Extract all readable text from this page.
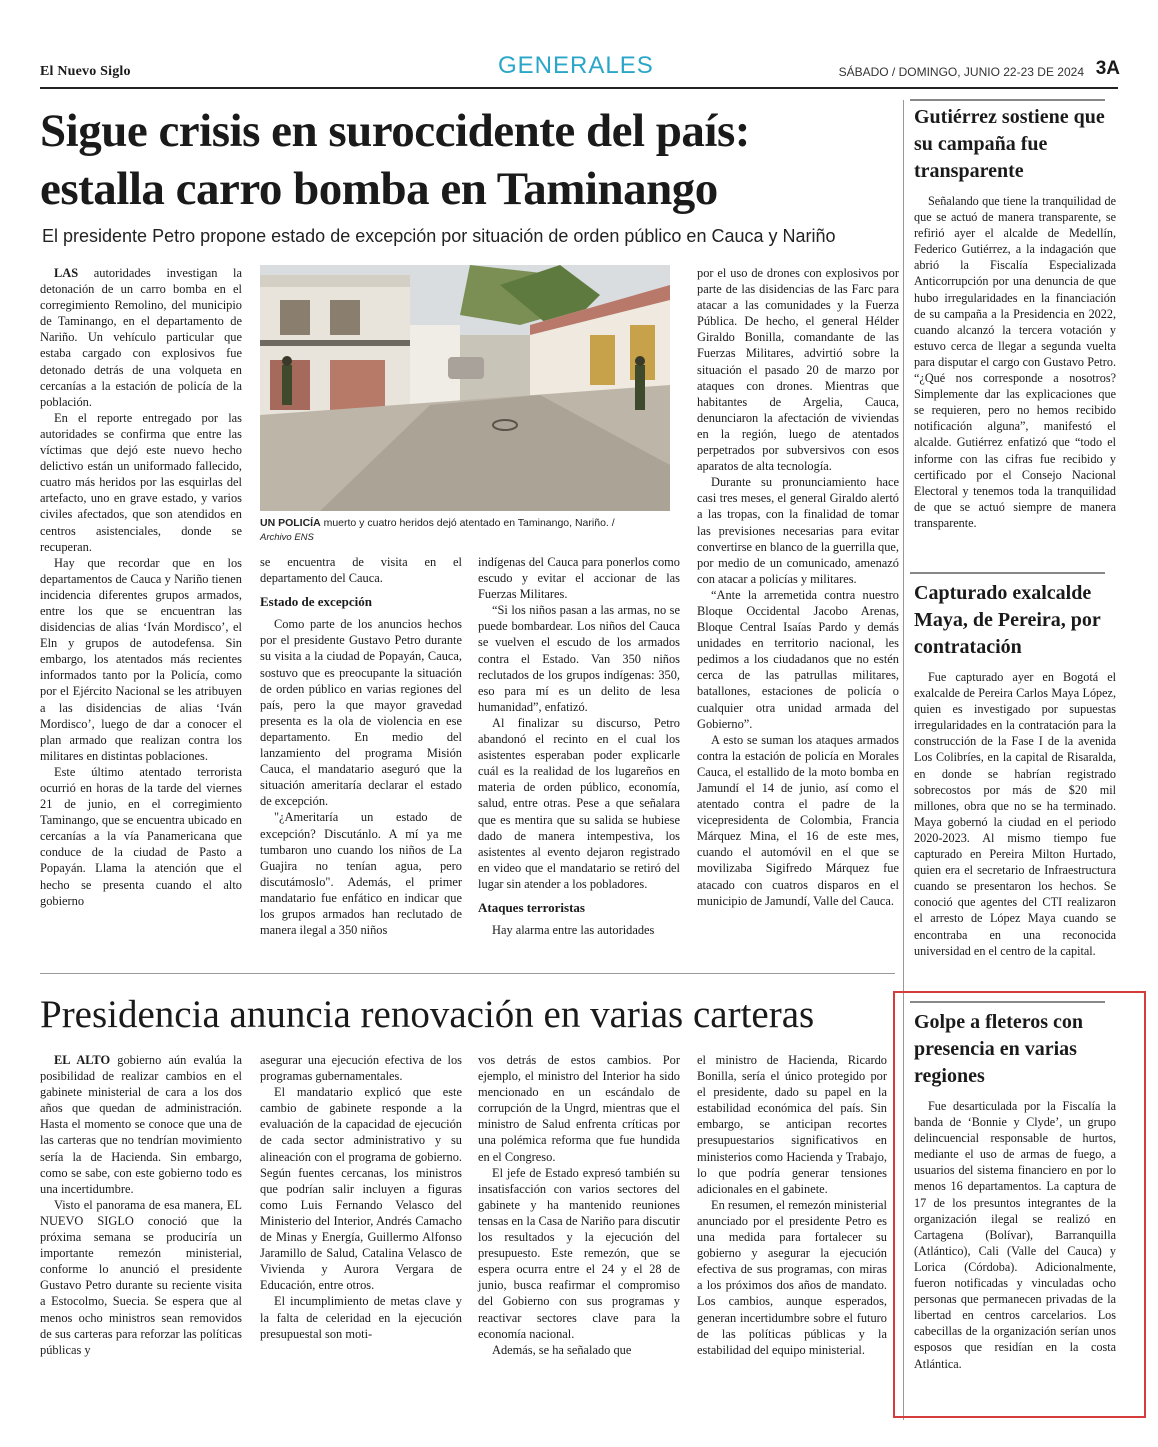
El Nuevo Siglo	GENERALES	SÁBADO / DOMINGO, JUNIO 22-23 DE 2024 3A
Sigue crisis en suroccidente del país:
estalla carro bomba en Taminango
El presidente Petro propone estado de excepción por situación de orden público en Cauca y Nariño

LAS autoridades investigan la detonación de un carro bomba en el corregimiento Remolino, del municipio de Taminango, en el departamento de Nariño. Un vehículo particular que estaba cargado con explosivos fue detonado detrás de una volqueta en cercanías a la estación de policía de la población.

En el reporte entregado por las autoridades se confirma que entre las víctimas que dejó este nuevo hecho delictivo están un uniformado fallecido, cuatro más heridos por las esquirlas del artefacto, uno en grave estado, y varios civiles afectados, que son atendidos en centros asistenciales, donde se recuperan.

Hay que recordar que en los departamentos de Cauca y Nariño tienen incidencia diferentes grupos armados, entre los que se encuentran las disidencias de alias ‘Iván Mordisco’, el Eln y grupos de autodefensa. Sin embargo, los atentados más recientes informados tanto por la Policía, como por el Ejército Nacional se les atribuyen a las disidencias de alias ‘Iván Mordisco’, luego de dar a conocer el plan armado que realizan contra los militares en distintas poblaciones.

Este último atentado terrorista ocurrió en horas de la tarde del viernes 21 de junio, en el corregimiento Taminango, que se encuentra ubicado en cercanías a la vía Panamericana que conduce de la ciudad de Pasto a Popayán. Llama la atención que el hecho se presenta cuando el alto gobierno

UN POLICÍA muerto y cuatro heridos dejó atentado en Taminango, Nariño. /
Archivo ENS

se encuentra de visita en el departamento del Cauca.

Estado de excepción

Como parte de los anuncios hechos por el presidente Gustavo Petro durante su visita a la ciudad de Popayán, Cauca, sostuvo que es preocupante la situación de orden público en varias regiones del país, pero la que mayor gravedad presenta es la ola de violencia en ese departamento. En medio del lanzamiento del programa Misión Cauca, el mandatario aseguró que la situación ameritaría declarar el estado de excepción.

"¿Ameritaría un estado de excepción? Discutánlo. A mí ya me tumbaron uno cuando los niños de La Guajira no tenían agua, pero discutámoslo". Además, el primer mandatario fue enfático en indicar que los grupos armados han reclutado de manera ilegal a 350 niños

indígenas del Cauca para ponerlos como escudo y evitar el accionar de las Fuerzas Militares.

“Si los niños pasan a las armas, no se puede bombardear. Los niños del Cauca se vuelven el escudo de los armados contra el Estado. Van 350 niños reclutados de los grupos indígenas: 350, eso para mí es un delito de lesa humanidad”, enfatizó.

Al finalizar su discurso, Petro abandonó el recinto en el cual los asistentes esperaban poder explicarle cuál es la realidad de los lugareños en materia de orden público, economía, salud, entre otras. Pese a que señalara que es mentira que su salida se hubiese dado de manera intempestiva, los asistentes al evento dejaron registrado en video que el mandatario se retiró del lugar sin atender a los pobladores.

Ataques terroristas

Hay alarma entre las autoridades

por el uso de drones con explosivos por parte de las disidencias de las Farc para atacar a las comunidades y la Fuerza Pública. De hecho, el general Hélder Giraldo Bonilla, comandante de las Fuerzas Militares, advirtió sobre la situación el pasado 20 de marzo por ataques con drones. Mientras que habitantes de Argelia, Cauca, denunciaron la afectación de viviendas en la región, luego de atentados perpetrados por subversivos con esos aparatos de alta tecnología.

Durante su pronunciamiento hace casi tres meses, el general Giraldo alertó a las tropas, con la finalidad de tomar las previsiones necesarias para evitar convertirse en blanco de la guerrilla que, por medio de un comunicado, amenazó con atacar a policías y militares.

“Ante la arremetida contra nuestro Bloque Occidental Jacobo Arenas, Bloque Central Isaías Pardo y demás unidades en territorio nacional, les pedimos a los ciudadanos que no estén cerca de las patrullas militares, batallones, estaciones de policía o cualquier otra unidad armada del Gobierno”.

A esto se suman los ataques armados contra la estación de policía en Morales Cauca, el estallido de la moto bomba en Jamundí el 14 de junio, así como el atentado contra el padre de la vicepresidenta de Colombia, Francia Márquez Mina, el 16 de este mes, cuando el automóvil en el que se movilizaba Sigifredo Márquez fue atacado con cuatros disparos en el municipio de Jamundí, Valle del Cauca.

Presidencia anuncia renovación en varias carteras

EL ALTO gobierno aún evalúa la posibilidad de realizar cambios en el gabinete ministerial de cara a los dos años que quedan de administración. Hasta el momento se conoce que una de las carteras que no tendrían movimiento sería la de Hacienda. Sin embargo, como se sabe, con este gobierno todo es una incertidumbre.

Visto el panorama de esa manera, EL NUEVO SIGLO conoció que la próxima semana se produciría un importante remezón ministerial, conforme lo anunció el presidente Gustavo Petro durante su reciente visita a Estocolmo, Suecia. Se espera que al menos ocho ministros sean removidos de sus carteras para reforzar las políticas públicas y

asegurar una ejecución efectiva de los programas gubernamentales.

El mandatario explicó que este cambio de gabinete responde a la evaluación de la capacidad de ejecución de cada sector administrativo y su alineación con el programa de gobierno. Según fuentes cercanas, los ministros que podrían salir incluyen a figuras como Luis Fernando Velasco del Ministerio del Interior, Andrés Camacho de Minas y Energía, Guillermo Alfonso Jaramillo de Salud, Catalina Velasco de Vivienda y Aurora Vergara de Educación, entre otros.

El incumplimiento de metas clave y la falta de celeridad en la ejecución presupuestal son moti-

vos detrás de estos cambios. Por ejemplo, el ministro del Interior ha sido mencionado en un escándalo de corrupción de la Ungrd, mientras que el ministro de Salud enfrenta críticas por una polémica reforma que fue hundida en el Congreso.

El jefe de Estado expresó también su insatisfacción con varios sectores del gabinete y ha mantenido reuniones tensas en la Casa de Nariño para discutir los resultados y la ejecución del presupuesto. Este remezón, que se espera ocurra entre el 24 y el 28 de junio, busca reafirmar el compromiso del Gobierno con sus programas y reactivar sectores clave para la economía nacional.

Además, se ha señalado que

el ministro de Hacienda, Ricardo Bonilla, sería el único protegido por el presidente, dado su papel en la estabilidad económica del país. Sin embargo, se anticipan recortes presupuestarios significativos en ministerios como Hacienda y Trabajo, lo que podría generar tensiones adicionales en el gabinete.

En resumen, el remezón ministerial anunciado por el presidente Petro es una medida para fortalecer su gobierno y asegurar la ejecución efectiva de sus programas, con miras a los próximos dos años de mandato. Los cambios, aunque esperados, generan incertidumbre sobre el futuro de las políticas públicas y la estabilidad del equipo ministerial.

Gutiérrez sostiene que su campaña fue transparente

Señalando que tiene la tranquilidad de que se actuó de manera transparente, se refirió ayer el alcalde de Medellín, Federico Gutiérrez, a la indagación que abrió la Fiscalía Especializada Anticorrupción por una denuncia de que hubo irregularidades en la financiación de su campaña a la Presidencia en 2022, cuando alcanzó la tercera votación y estuvo cerca de llegar a segunda vuelta para disputar el cargo con Gustavo Petro. “¿Qué nos corresponde a nosotros? Simplemente dar las explicaciones que se requieren, pero no hemos recibido notificación alguna”, manifestó el alcalde. Gutiérrez enfatizó que “todo el informe con las cifras fue recibido y certificado por el Consejo Nacional Electoral y tenemos toda la tranquilidad de que se actuó siempre de manera transparente.

Capturado exalcalde Maya, de Pereira, por contratación

Fue capturado ayer en Bogotá el exalcalde de Pereira Carlos Maya López, quien es investigado por supuestas irregularidades en la contratación para la construcción de la Fase I de la avenida Los Colibríes, en la capital de Risaralda, en donde se habrían registrado sobrecostos por más de $20 mil millones, obra que no se ha terminado. Maya gobernó la ciudad en el periodo 2020-2023. Al mismo tiempo fue capturado en Pereira Milton Hurtado, quien era el secretario de Infraestructura cuando se presentaron los hechos. Se conoció que agentes del CTI realizaron el arresto de López Maya cuando se encontraba en una reconocida universidad en el centro de la capital.

Golpe a fleteros con presencia en varias regiones

Fue desarticulada por la Fiscalía la banda de ‘Bonnie y Clyde’, un grupo delincuencial responsable de hurtos, mediante el uso de armas de fuego, a usuarios del sistema financiero en por lo menos 16 departamentos. La captura de 17 de los presuntos integrantes de la organización ilegal se realizó en Cartagena (Bolívar), Barranquilla (Atlántico), Cali (Valle del Cauca) y Lorica (Córdoba). Adicionalmente, fueron notificadas y vinculadas ocho personas que permanecen privadas de la libertad en centros carcelarios. Los cabecillas de la organización serían unos esposos que residían en la costa Atlántica.
